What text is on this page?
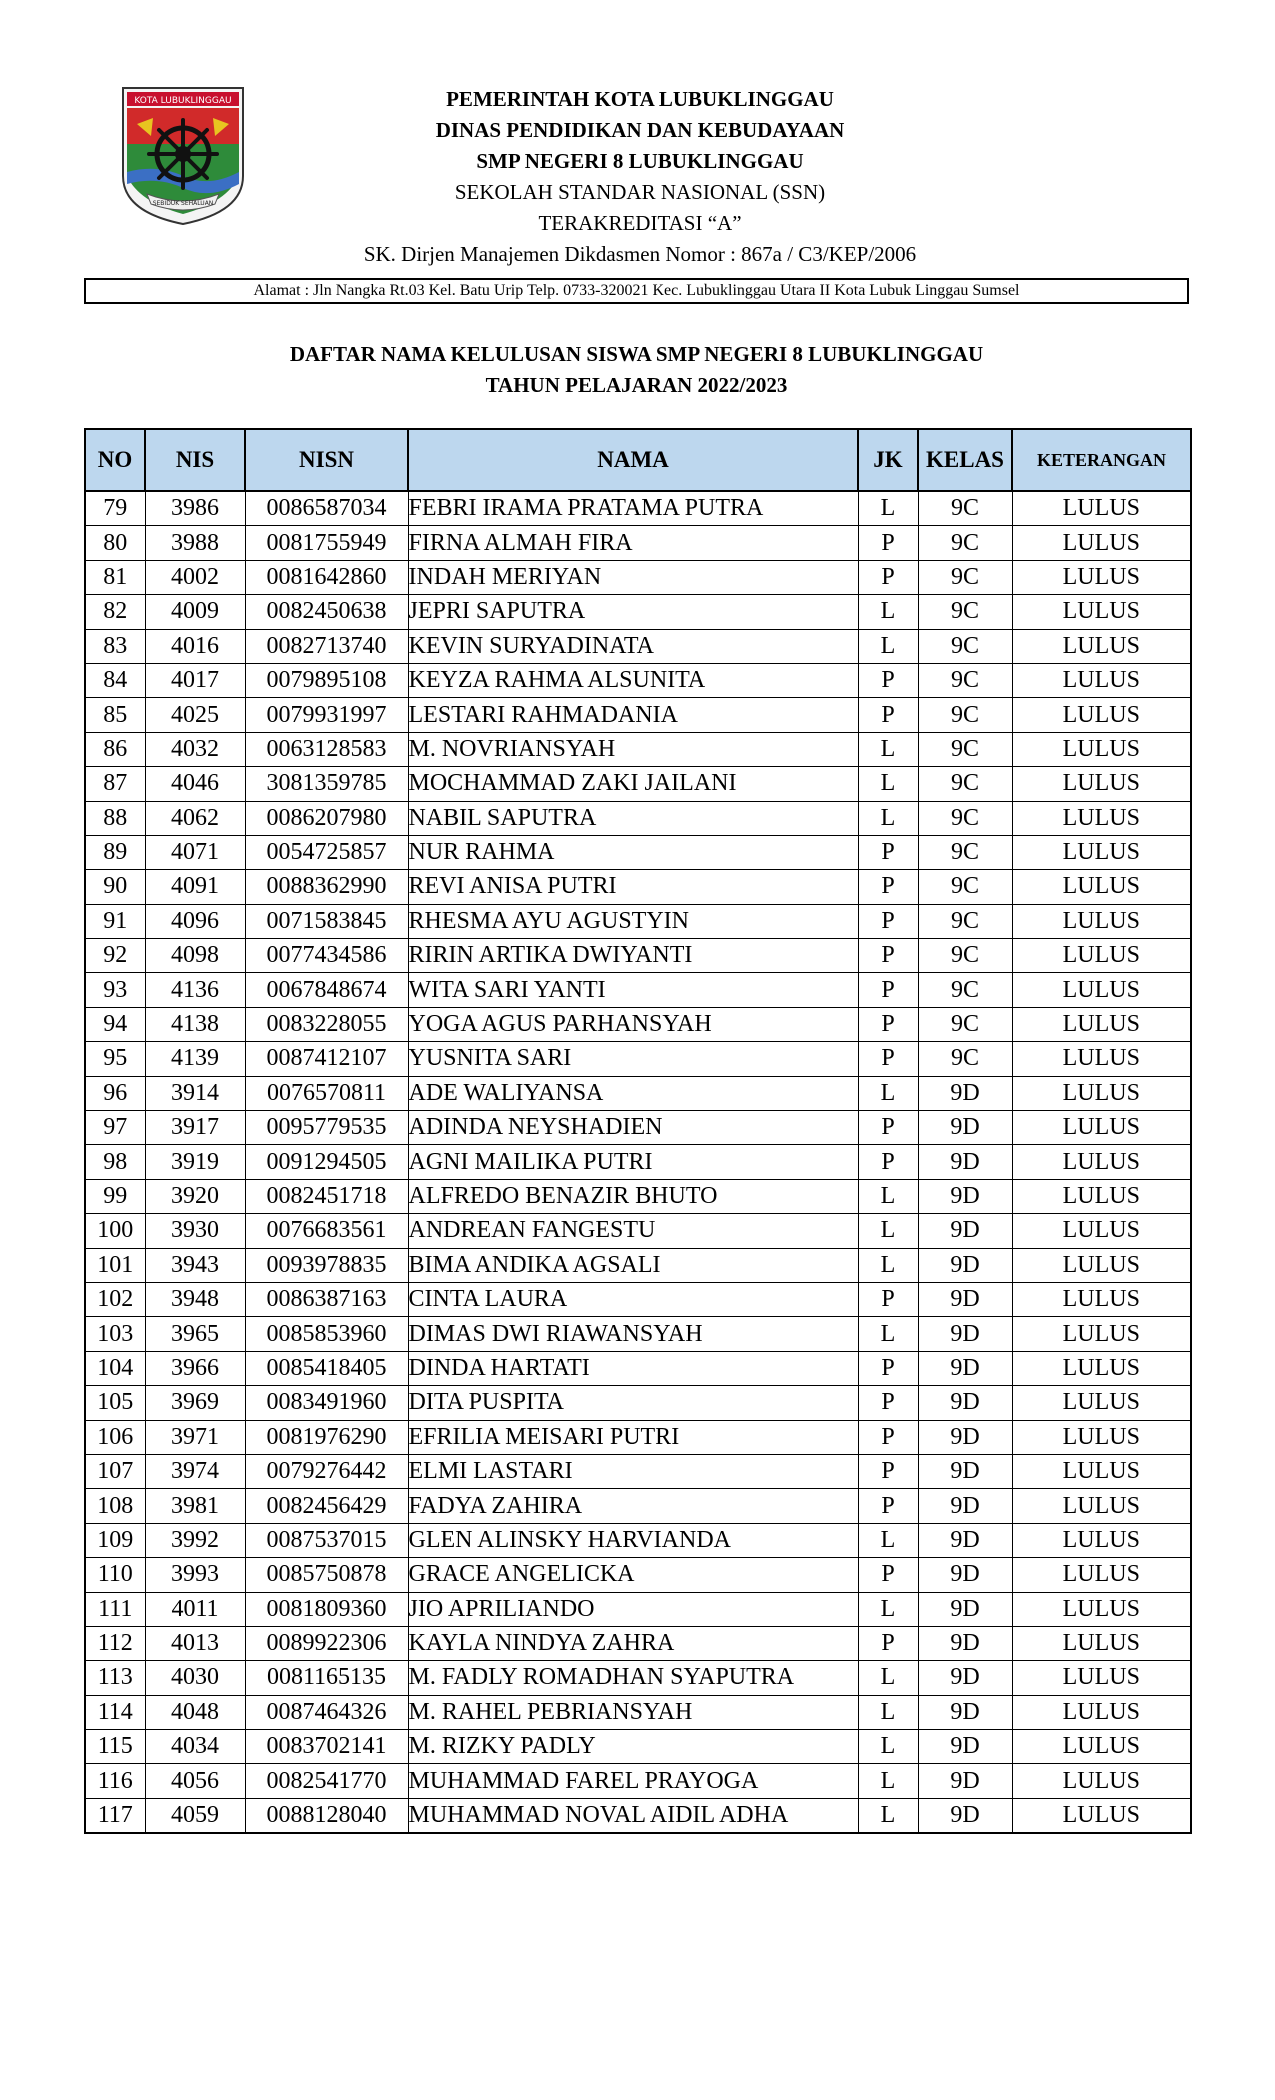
KOTA LUBUKLINGGAU
SEBIDUK SEHALUAN
PEMERINTAH KOTA LUBUKLINGGAU
DINAS PENDIDIKAN DAN KEBUDAYAAN
SMP NEGERI 8 LUBUKLINGGAU
SEKOLAH STANDAR NASIONAL (SSN)
TERAKREDITASI “A”
SK. Dirjen Manajemen Dikdasmen Nomor : 867a / C3/KEP/2006
Alamat : Jln Nangka Rt.03 Kel. Batu Urip Telp. 0733-320021 Kec. Lubuklinggau Utara II Kota Lubuk Linggau Sumsel
DAFTAR NAMA KELULUSAN SISWA SMP NEGERI 8 LUBUKLINGGAU
TAHUN PELAJARAN 2022/2023
NO	NIS	NISN	NAMA	JK	KELAS	KETERANGAN
79	3986	0086587034	FEBRI IRAMA PRATAMA PUTRA	L	9C	LULUS
80	3988	0081755949	FIRNA ALMAH FIRA	P	9C	LULUS
81	4002	0081642860	INDAH MERIYAN	P	9C	LULUS
82	4009	0082450638	JEPRI SAPUTRA	L	9C	LULUS
83	4016	0082713740	KEVIN SURYADINATA	L	9C	LULUS
84	4017	0079895108	KEYZA RAHMA ALSUNITA	P	9C	LULUS
85	4025	0079931997	LESTARI RAHMADANIA	P	9C	LULUS
86	4032	0063128583	M. NOVRIANSYAH	L	9C	LULUS
87	4046	3081359785	MOCHAMMAD ZAKI JAILANI	L	9C	LULUS
88	4062	0086207980	NABIL SAPUTRA	L	9C	LULUS
89	4071	0054725857	NUR RAHMA	P	9C	LULUS
90	4091	0088362990	REVI ANISA PUTRI	P	9C	LULUS
91	4096	0071583845	RHESMA AYU AGUSTYIN	P	9C	LULUS
92	4098	0077434586	RIRIN ARTIKA DWIYANTI	P	9C	LULUS
93	4136	0067848674	WITA SARI YANTI	P	9C	LULUS
94	4138	0083228055	YOGA AGUS PARHANSYAH	P	9C	LULUS
95	4139	0087412107	YUSNITA SARI	P	9C	LULUS
96	3914	0076570811	ADE WALIYANSA	L	9D	LULUS
97	3917	0095779535	ADINDA NEYSHADIEN	P	9D	LULUS
98	3919	0091294505	AGNI MAILIKA PUTRI	P	9D	LULUS
99	3920	0082451718	ALFREDO BENAZIR BHUTO	L	9D	LULUS
100	3930	0076683561	ANDREAN FANGESTU	L	9D	LULUS
101	3943	0093978835	BIMA ANDIKA AGSALI	L	9D	LULUS
102	3948	0086387163	CINTA LAURA	P	9D	LULUS
103	3965	0085853960	DIMAS DWI RIAWANSYAH	L	9D	LULUS
104	3966	0085418405	DINDA HARTATI	P	9D	LULUS
105	3969	0083491960	DITA PUSPITA	P	9D	LULUS
106	3971	0081976290	EFRILIA MEISARI PUTRI	P	9D	LULUS
107	3974	0079276442	ELMI LASTARI	P	9D	LULUS
108	3981	0082456429	FADYA ZAHIRA	P	9D	LULUS
109	3992	0087537015	GLEN ALINSKY HARVIANDA	L	9D	LULUS
110	3993	0085750878	GRACE ANGELICKA	P	9D	LULUS
111	4011	0081809360	JIO APRILIANDO	L	9D	LULUS
112	4013	0089922306	KAYLA NINDYA ZAHRA	P	9D	LULUS
113	4030	0081165135	M. FADLY ROMADHAN SYAPUTRA	L	9D	LULUS
114	4048	0087464326	M. RAHEL PEBRIANSYAH	L	9D	LULUS
115	4034	0083702141	M. RIZKY PADLY	L	9D	LULUS
116	4056	0082541770	MUHAMMAD FAREL PRAYOGA	L	9D	LULUS
117	4059	0088128040	MUHAMMAD NOVAL AIDIL ADHA	L	9D	LULUS
